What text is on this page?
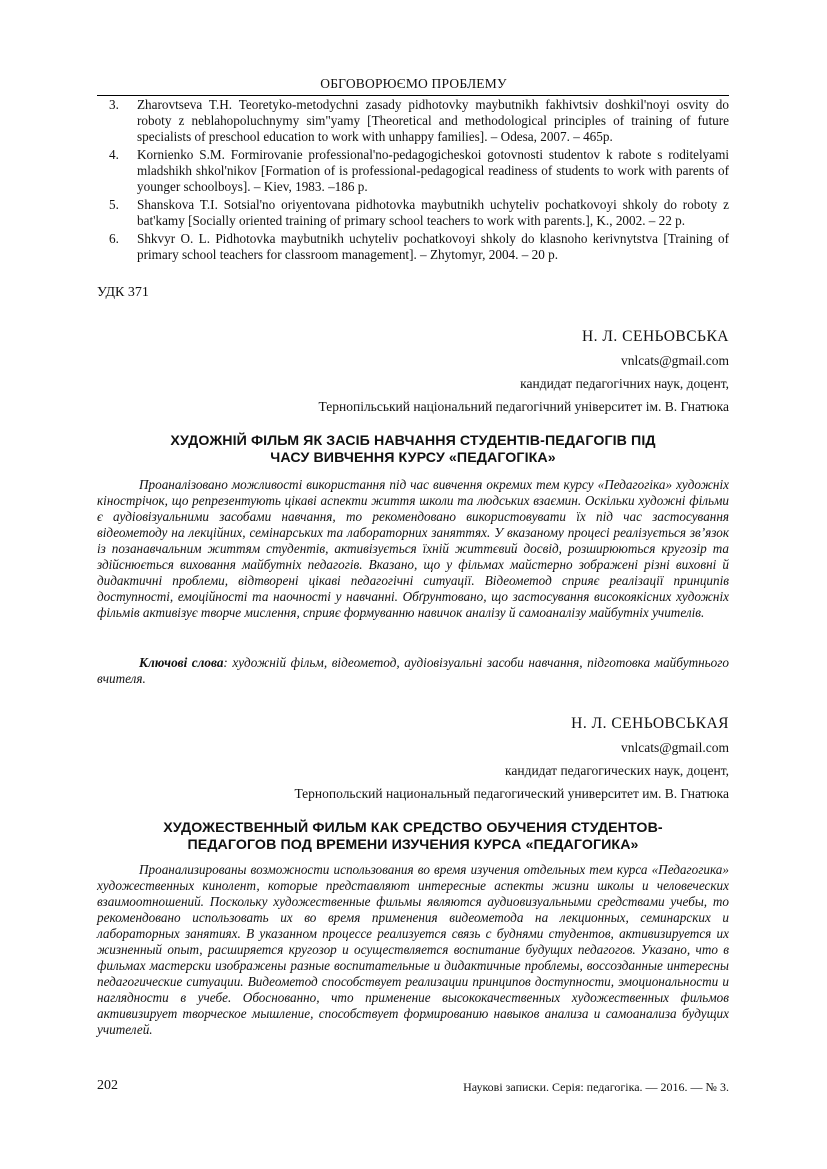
ОБГОВОРЮЄМО ПРОБЛЕМУ
3. Zharovtseva T.H. Teoretyko-metodychni zasady pidhotovky maybutnikh fakhivtsiv doshkil'noyi osvity do roboty z neblahopoluchnymy sim"yamy [Theoretical and methodological principles of training of future specialists of preschool education to work with unhappy families]. – Odesa, 2007. – 465p.
4. Kornienko S.M. Formirovanie professional'no-pedagogicheskoi gotovnosti studentov k rabote s roditelyami mladshikh shkol'nikov [Formation of is professional-pedagogical readiness of students to work with parents of younger schoolboys]. – Kiev, 1983. –186 p.
5. Shanskova T.I. Sotsial'no oriyentovana pidhotovka maybutnikh uchyteliv pochatkovoyi shkoly do roboty z bat'kamy [Socially oriented training of primary school teachers to work with parents.], K., 2002. – 22 p.
6. Shkvyr O. L. Pidhotovka maybutnikh uchyteliv pochatkovoyi shkoly do klasnoho kerivnytstva [Training of primary school teachers for classroom management]. – Zhytomyr, 2004. – 20 p.
УДК 371
Н. Л. СЕНЬОВСЬКА
vnlcats@gmail.com
кандидат педагогічних наук, доцент,
Тернопільський національний педагогічний університет ім. В. Гнатюка
ХУДОЖНІЙ ФІЛЬМ ЯК ЗАСІБ НАВЧАННЯ СТУДЕНТІВ-ПЕДАГОГІВ ПІД
ЧАСУ ВИВЧЕННЯ КУРСУ «ПЕДАГОГІКА»

Проаналізовано можливості використання під час вивчення окремих тем курсу «Педагогіка» художніх кінострічок, що репрезентують цікаві аспекти життя школи та людських взаємин. Оскільки художні фільми є аудіовізуальними засобами навчання, то рекомендовано використовувати їх під час застосування відеометоду на лекційних, семінарських та лабораторних заняттях. У вказаному процесі реалізується зв’язок із позанавчальним життям студентів, активізується їхній життєвий досвід, розширюються кругозір та здійснюється виховання майбутніх педагогів. Вказано, що у фільмах майстерно зображені різні виховні й дидактичні проблеми, відтворені цікаві педагогічні ситуації. Відеометод сприяє реалізації принципів доступності, емоційності та наочності у навчанні. Обґрунтовано, що застосування високоякісних художніх фільмів активізує творче мислення, сприяє формуванню навичок аналізу й самоаналізу майбутніх учителів.

Ключові слова: художній фільм, відеометод, аудіовізуальні засоби навчання, підготовка майбутнього вчителя.

Н. Л. СЕНЬОВСЬКАЯ
vnlcats@gmail.com
кандидат педагогических наук, доцент,
Тернопольский национальный педагогический университет им. В. Гнатюка
ХУДОЖЕСТВЕННЫЙ ФИЛЬМ КАК СРЕДСТВО ОБУЧЕНИЯ СТУДЕНТОВ-
ПЕДАГОГОВ ПОД ВРЕМЕНИ ИЗУЧЕНИЯ КУРСА «ПЕДАГОГИКА»

Проанализированы возможности использования во время изучения отдельных тем курса «Педагогика» художественных кинолент, которые представляют интересные аспекты жизни школы и человеческих взаимоотношений. Поскольку художественные фильмы являются аудиовизуальными средствами учебы, то рекомендовано использовать их во время применения видеометода на лекционных, семинарских и лабораторных занятиях. В указанном процессе реализуется связь с буднями студентов, активизируется их жизненный опыт, расширяется кругозор и осуществляется воспитание будущих педагогов. Указано, что в фильмах мастерски изображены разные воспитательные и дидактичные проблемы, воссозданные интересны педагогические ситуации. Видеометод способствует реализации принципов доступности, эмоциональности и наглядности в учебе. Обоснованно, что применение высококачественных художественных фильмов активизирует творческое мышление, способствует формированию навыков анализа и самоанализа будущих учителей.

202	Наукові записки. Серія: педагогіка. — 2016. — № 3.
